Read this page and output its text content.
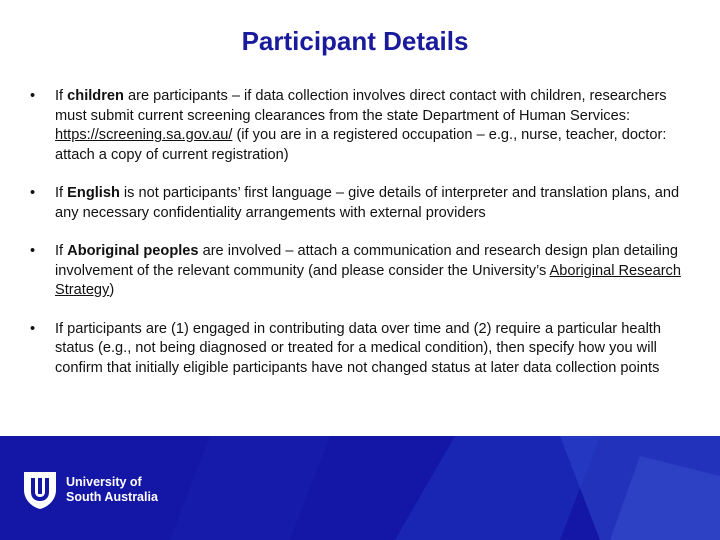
Participant Details
• If children are participants – if data collection involves direct contact with children, researchers must submit current screening clearances from the state Department of Human Services: https://screening.sa.gov.au/ (if you are in a registered occupation – e.g., nurse, teacher, doctor: attach a copy of current registration)
• If English is not participants’ first language – give details of interpreter and translation plans, and any necessary confidentiality arrangements with external providers
• If Aboriginal peoples are involved – attach a communication and research design plan detailing involvement of the relevant community (and please consider the University’s Aboriginal Research Strategy)
• If participants are (1) engaged in contributing data over time and (2) require a particular health status (e.g., not being diagnosed or treated for a medical condition), then specify how you will confirm that initially eligible participants have not changed status at later data collection points
University of
South Australia
